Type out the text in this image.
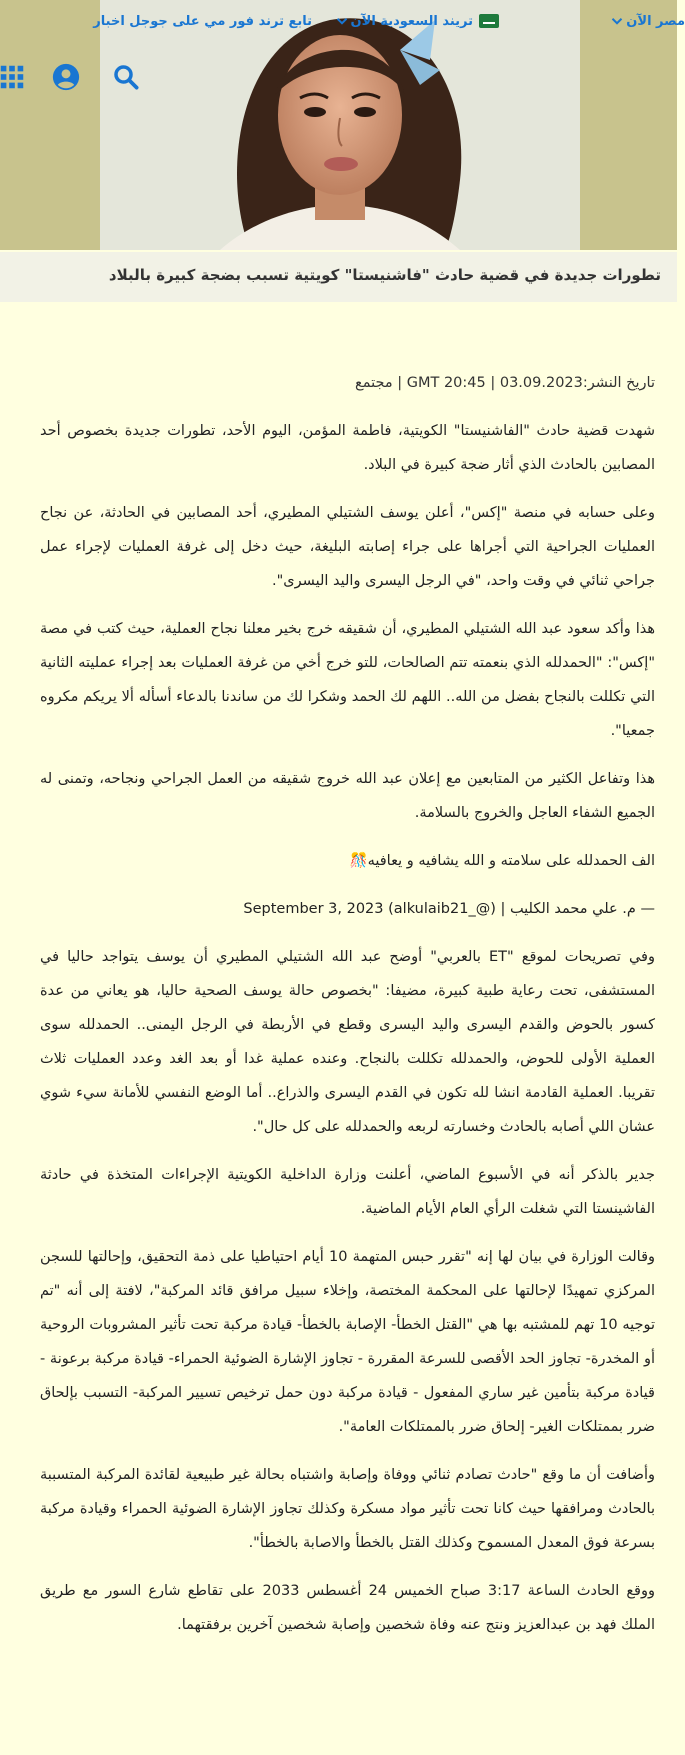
مصر الآن
تريند السعودية الآن
تابع ترند فور مي على جوجل اخبار
تطورات جديدة في قضية حادث "فاشنيستا" كويتية تسبب بضجة كبيرة بالبلاد

تاريخ النشر:03.09.2023 | 20:45 GMT | مجتمع

شهدت قضية حادث "الفاشنيستا" الكويتية، فاطمة المؤمن، اليوم الأحد، تطورات جديدة بخصوص أحد المصابين بالحادث الذي أثار ضجة كبيرة في البلاد.

وعلى حسابه في منصة "إكس"، أعلن يوسف الشتيلي المطيري، أحد المصابين في الحادثة، عن نجاح العمليات الجراحية التي أجراها على جراء إصابته البليغة، حيث دخل إلى غرفة العمليات لإجراء عمل جراحي ثنائي في وقت واحد، "في الرجل اليسرى واليد اليسرى".

هذا وأكد سعود عبد الله الشتيلي المطيري، أن شقيقه خرج بخير معلنا نجاح العملية، حيث كتب في مصة "إكس": "الحمدلله الذي بنعمته تتم الصالحات، للتو خرج أخي من غرفة العمليات بعد إجراء عمليته الثانية التي تكللت بالنجاح بفضل من الله.. اللهم لك الحمد وشكرا لك من ساندنا بالدعاء أسأله ألا يريكم مكروه جمعيا".

هذا وتفاعل الكثير من المتابعين مع إعلان عبد الله خروج شقيقه من العمل الجراحي ونجاحه، وتمنى له الجميع الشفاء العاجل والخروج بالسلامة.

الف الحمدلله على سلامته و الله يشافيه و يعافيه🎊

— م. علي محمد الكليب | (@_alkulaib21) September 3, 2023

وفي تصريحات لموقع "ET بالعربي" أوضح عبد الله الشتيلي المطيري أن يوسف يتواجد حاليا في المستشفى، تحت رعاية طبية كبيرة، مضيفا: "بخصوص حالة يوسف الصحية حاليا، هو يعاني من عدة كسور بالحوض والقدم اليسرى واليد اليسرى وقطع في الأربطة في الرجل اليمنى.. الحمدلله سوى العملية الأولى للحوض، والحمدلله تكللت بالنجاح. وعنده عملية غدا أو بعد الغد وعدد العمليات ثلاث تقريبا. العملية القادمة انشا لله تكون في القدم اليسرى والذراع.. أما الوضع النفسي للأمانة سيء شوي عشان اللي أصابه بالحادث وخسارته لربعه والحمدلله على كل حال".

جدير بالذكر أنه في الأسبوع الماضي، أعلنت وزارة الداخلية الكويتية الإجراءات المتخذة في حادثة الفاشينستا التي شغلت الرأي العام الأيام الماضية.

وقالت الوزارة في بيان لها إنه "تقرر حبس المتهمة 10 أيام احتياطيا على ذمة التحقيق، وإحالتها للسجن المركزي تمهيدًا لإحالتها على المحكمة المختصة، وإخلاء سبيل مرافق قائد المركبة"، لافتة إلى أنه "تم توجيه 10 تهم للمشتبه بها هي "القتل الخطأ- الإصابة بالخطأ- قيادة مركبة تحت تأثير المشروبات الروحية أو المخدرة- تجاوز الحد الأقصى للسرعة المقررة - تجاوز الإشارة الضوئية الحمراء- قيادة مركبة برعونة - قيادة مركبة بتأمين غير ساري المفعول - قيادة مركبة دون حمل ترخيص تسيير المركبة- التسبب بإلحاق ضرر بممتلكات الغير- إلحاق ضرر بالممتلكات العامة".

وأضافت أن ما وقع "حادث تصادم ثنائي ووفاة وإصابة واشتباه بحالة غير طبيعية لقائدة المركبة المتسببة بالحادث ومرافقها حيث كانا تحت تأثير مواد مسكرة وكذلك تجاوز الإشارة الضوئية الحمراء وقيادة مركبة بسرعة فوق المعدل المسموح وكذلك القتل بالخطأ والاصابة بالخطأ".

ووقع الحادث الساعة 3:17 صباح الخميس 24 أغسطس 2033 على تقاطع شارع السور مع طريق الملك فهد بن عبدالعزيز ونتج عنه وفاة شخصين وإصابة شخصين آخرين برفقتهما.
